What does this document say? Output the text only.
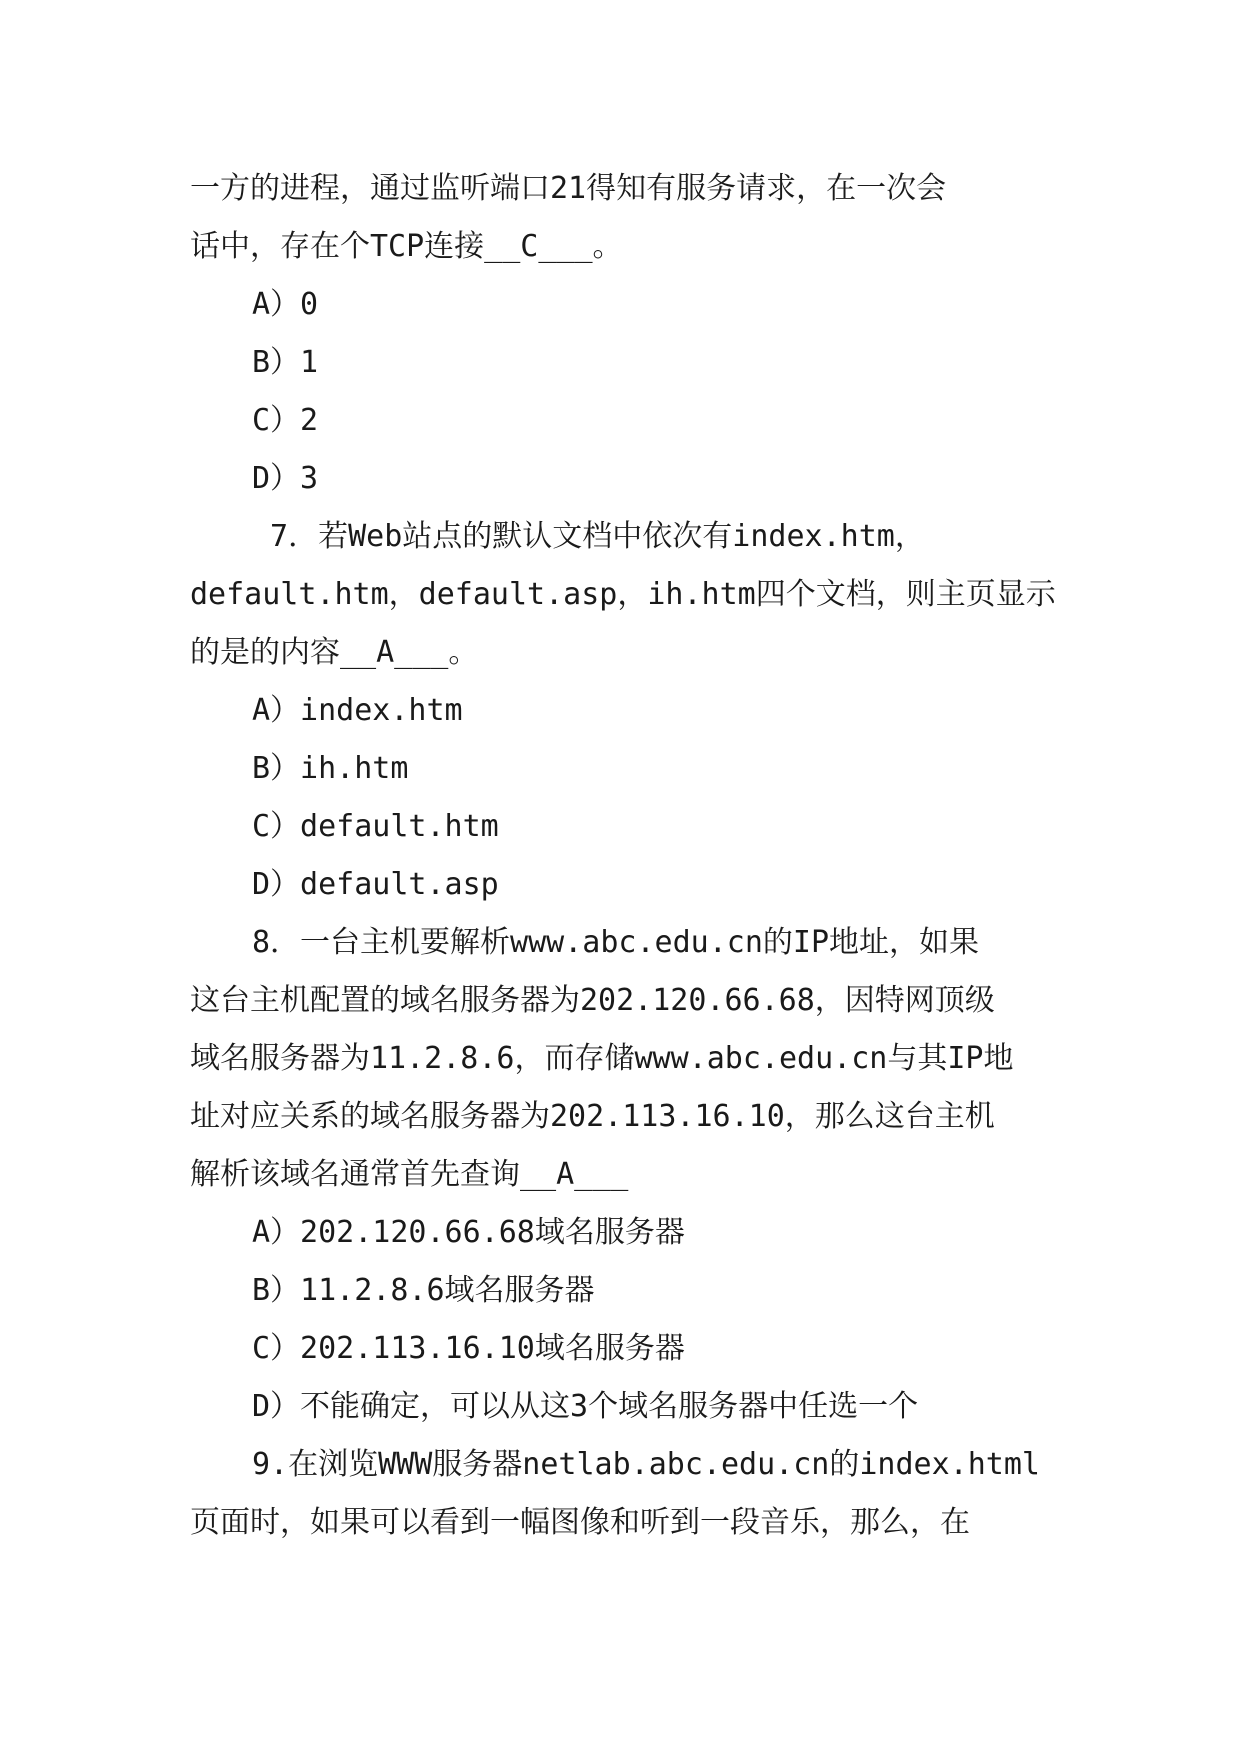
一方的进程，通过监听端口21得知有服务请求，在一次会
话中，存在个TCP连接__C___。
A）0
B）1
C）2
D）3
7．若Web站点的默认文档中依次有index.htm，
default.htm，default.asp，ih.htm四个文档，则主页显示
的是的内容__A___。
A）index.htm
B）ih.htm
C）default.htm
D）default.asp
8．一台主机要解析www.abc.edu.cn的IP地址，如果
这台主机配置的域名服务器为202.120.66.68，因特网顶级
域名服务器为11.2.8.6，而存储www.abc.edu.cn与其IP地
址对应关系的域名服务器为202.113.16.10，那么这台主机
解析该域名通常首先查询__A___
A）202.120.66.68域名服务器
B）11.2.8.6域名服务器
C）202.113.16.10域名服务器
D）不能确定，可以从这3个域名服务器中任选一个
9.在浏览WWW服务器netlab.abc.edu.cn的index.html
页面时，如果可以看到一幅图像和听到一段音乐，那么，在
